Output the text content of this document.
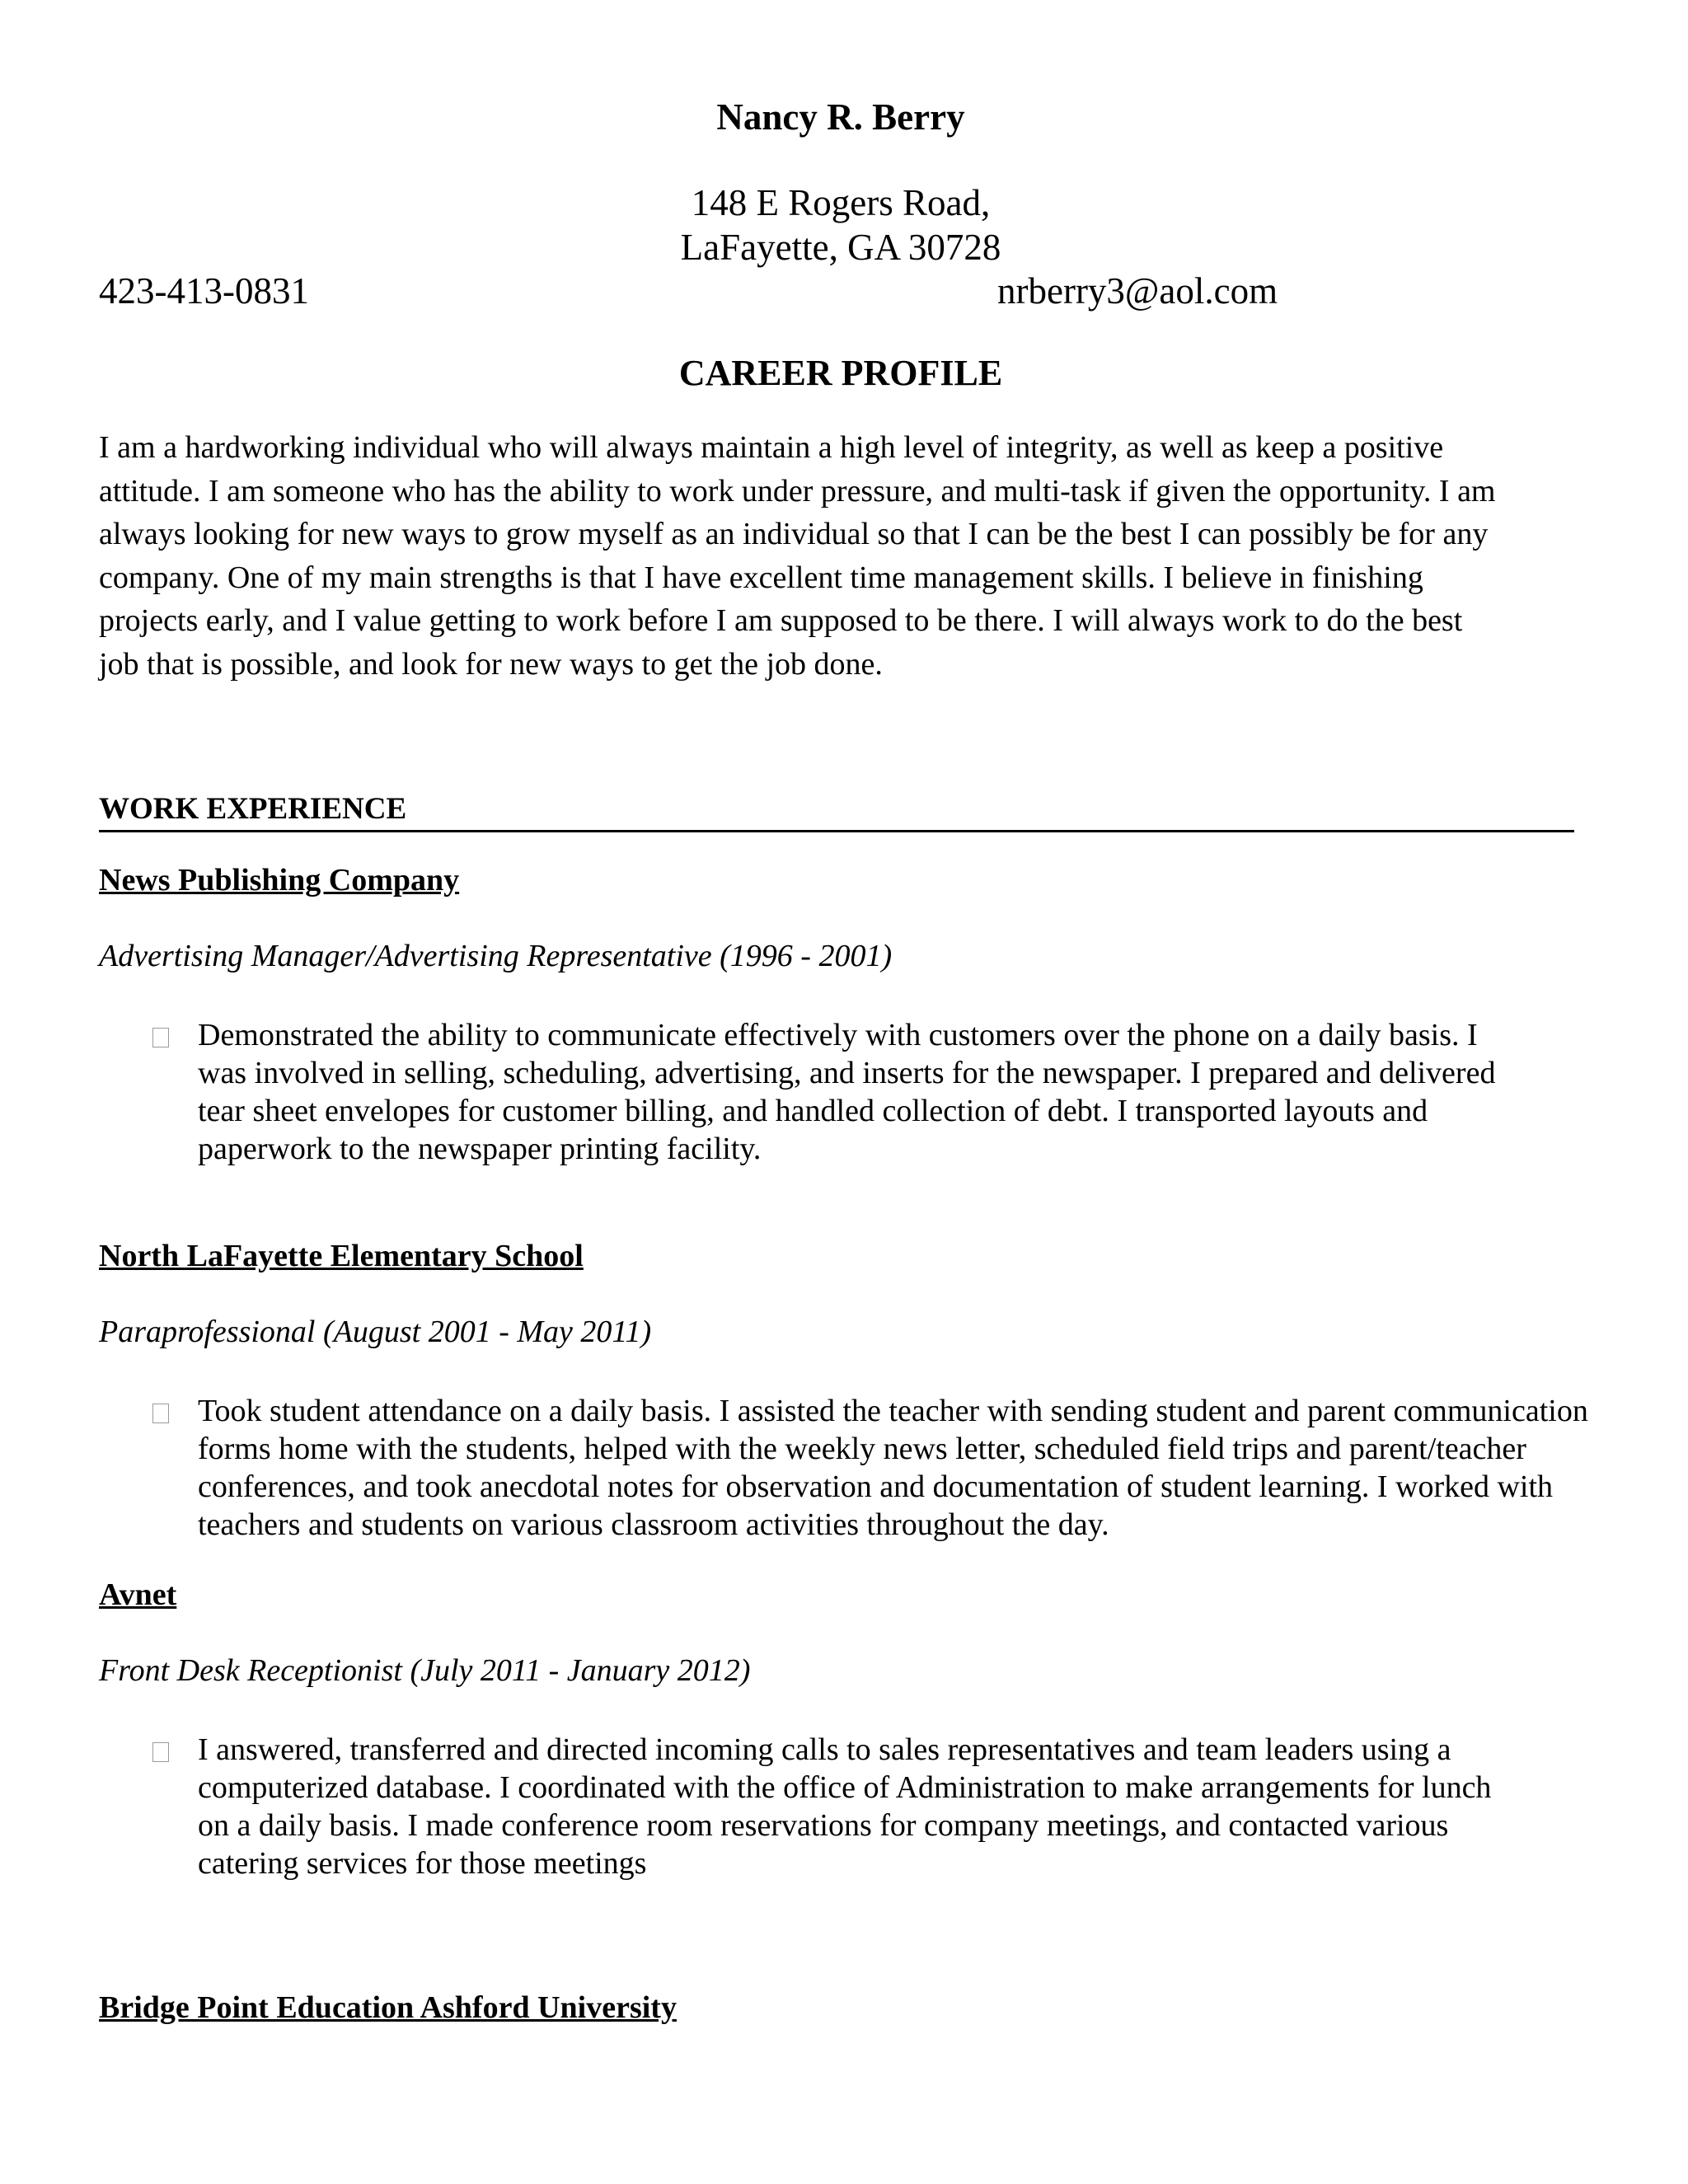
Nancy R. Berry
148 E Rogers Road,
LaFayette, GA 30728
423-413-0831	nrberry3@aol.com
CAREER PROFILE
I am a hardworking individual who will always maintain a high level of integrity, as well as keep a positive
attitude. I am someone who has the ability to work under pressure, and multi-task if given the opportunity. I am
always looking for new ways to grow myself as an individual so that I can be the best I can possibly be for any
company. One of my main strengths is that I have excellent time management skills. I believe in finishing
projects early, and I value getting to work before I am supposed to be there. I will always work to do the best
job that is possible, and look for new ways to get the job done.
WORK EXPERIENCE
News Publishing Company
Advertising Manager/Advertising Representative (1996 - 2001)
Demonstrated the ability to communicate effectively with customers over the phone on a daily basis. I
was involved in selling, scheduling, advertising, and inserts for the newspaper. I prepared and delivered
tear sheet envelopes for customer billing, and handled collection of debt. I transported layouts and
paperwork to the newspaper printing facility.
North LaFayette Elementary School
Paraprofessional (August 2001 - May 2011)
Took student attendance on a daily basis. I assisted the teacher with sending student and parent communication
forms home with the students, helped with the weekly news letter, scheduled field trips and parent/teacher
conferences, and took anecdotal notes for observation and documentation of student learning. I worked with
teachers and students on various classroom activities throughout the day.
Avnet
Front Desk Receptionist (July 2011 - January 2012)
I answered, transferred and directed incoming calls to sales representatives and team leaders using a
computerized database. I coordinated with the office of Administration to make arrangements for lunch
on a daily basis. I made conference room reservations for company meetings, and contacted various
catering services for those meetings
Bridge Point Education Ashford University
